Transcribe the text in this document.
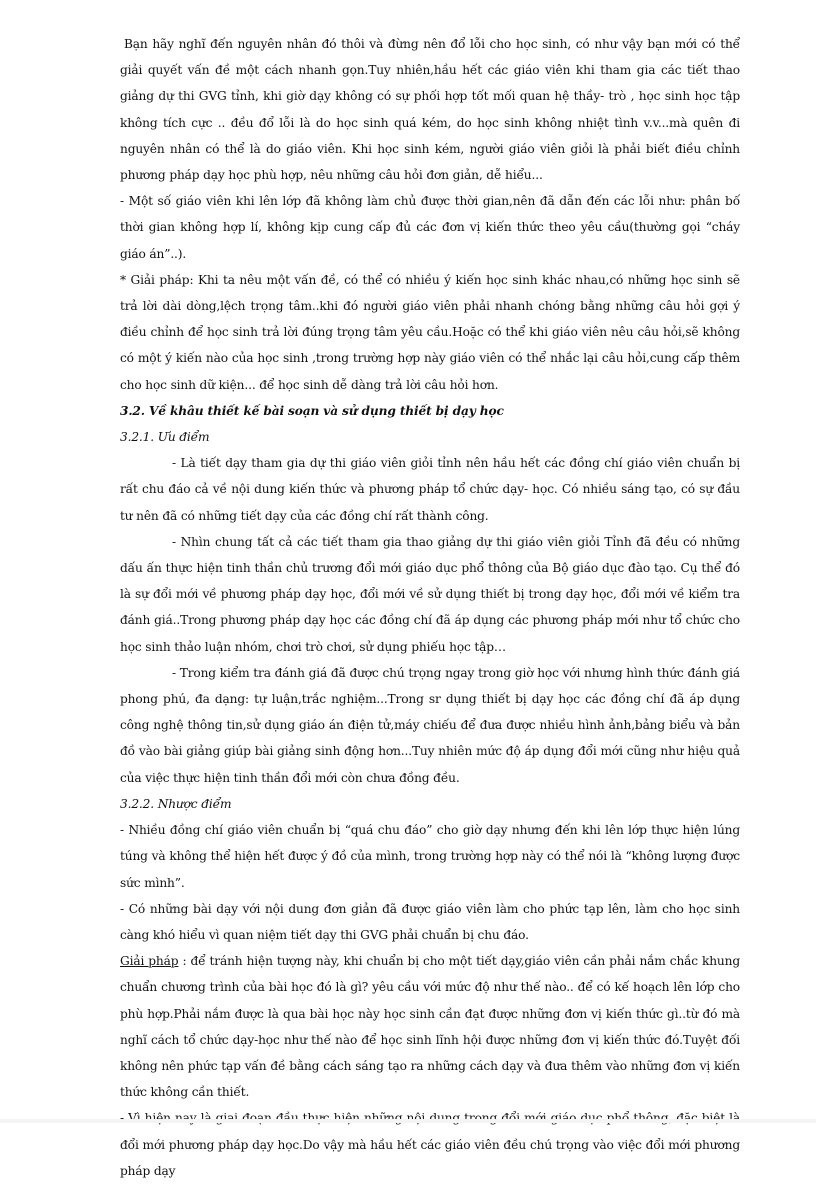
Bạn hãy nghĩ đến nguyên nhân đó thôi và đừng nên đổ lỗi cho học sinh, có như vậy bạn mới có thể giải quyết vấn đề một cách nhanh gọn.Tuy nhiên,hầu hết các giáo viên khi tham gia các tiết thao giảng dự thi GVG tỉnh, khi giờ dạy không có sự phối hợp tốt mối quan hệ thầy- trò , học sinh học tập không tích cực .. đều đổ lỗi là do học sinh quá kém, do học sinh không nhiệt tình v.v...mà quên đi nguyên nhân có thể là do giáo viên. Khi học sinh kém, người giáo viên giỏi là phải biết điều chỉnh phương pháp dạy học phù hợp, nêu những câu hỏi đơn giản, dễ hiểu...

- Một số giáo viên khi lên lớp đã không làm chủ được thời gian,nên đã dẫn đến các lỗi như: phân bố thời gian không hợp lí, không kịp cung cấp đủ các đơn vị kiến thức theo yêu cầu(thường gọi “cháy giáo án”..).

* Giải pháp: Khi ta nêu một vấn đề, có thể có nhiều ý kiến học sinh khác nhau,có những học sinh sẽ trả lời dài dòng,lệch trọng tâm..khi đó người giáo viên phải nhanh chóng bằng những câu hỏi gợi ý điều chỉnh để học sinh trả lời đúng trọng tâm yêu cầu.Hoặc có thể khi giáo viên nêu câu hỏi,sẽ không có một ý kiến nào của học sinh ,trong trường hợp này giáo viên có thể nhắc lại câu hỏi,cung cấp thêm cho học sinh dữ kiện... để học sinh dễ dàng trả lời câu hỏi hơn.

3.2. Về khâu thiết kế bài soạn và sử dụng thiết bị dạy học

3.2.1. Ưu điểm

- Là tiết dạy tham gia dự thi giáo viên giỏi tỉnh nên hầu hết các đồng chí giáo viên chuẩn bị rất chu đáo cả về nội dung kiến thức và phương pháp tổ chức dạy- học. Có nhiều sáng tạo, có sự đầu tư nên đã có những tiết dạy của các đồng chí rất thành công.

- Nhìn chung tất cả các tiết tham gia thao giảng dự thi giáo viên giỏi Tỉnh đã đều có những dấu ấn thực hiện tinh thần chủ trương đổi mới giáo dục phổ thông của Bộ giáo dục đào tạo. Cụ thể đó là sự đổi mới về phương pháp dạy học, đổi mới về sử dụng thiết bị trong dạy học, đổi mới về kiểm tra đánh giá..Trong phương pháp dạy học các đồng chí đã áp dụng các phương pháp mới như tổ chức cho học sinh thảo luận nhóm, chơi trò chơi, sử dụng phiếu học tập…

- Trong kiểm tra đánh giá đã được chú trọng ngay trong giờ học với nhưng hình thức đánh giá phong phú, đa dạng: tự luận,trắc nghiệm...Trong sr dụng thiết bị dạy học các đồng chí đã áp dụng công nghệ thông tin,sử dụng giáo án điện tử,máy chiếu để đưa được nhiều hình ảnh,bảng biểu và bản đồ vào bài giảng giúp bài giảng sinh động hơn...Tuy nhiên mức độ áp dụng đổi mới cũng như hiệu quả của việc thực hiện tinh thần đổi mới còn chưa đồng đều.

3.2.2. Nhược điểm

- Nhiều đồng chí giáo viên chuẩn bị “quá chu đáo” cho giờ dạy nhưng đến khi lên lớp thực hiện lúng túng và không thể hiện hết được ý đồ của mình, trong trường hợp này có thể nói là “không lượng được sức mình”.

- Có những bài dạy với nội dung đơn giản đã được giáo viên làm cho phức tạp lên, làm cho học sinh càng khó hiểu vì quan niệm tiết dạy thi GVG phải chuẩn bị chu đáo.

Giải pháp : để tránh hiện tượng này, khi chuẩn bị cho một tiết dạy,giáo viên cần phải nắm chắc khung chuẩn chương trình của bài học đó là gì? yêu cầu với mức độ như thế nào.. để có kế hoạch lên lớp cho phù hợp.Phải nắm được là qua bài học này học sinh cần đạt được những đơn vị kiến thức gì..từ đó mà nghĩ cách tổ chức dạy-học như thế nào để học sinh lĩnh hội được những đơn vị kiến thức đó.Tuyệt đối không nên phức tạp vấn đề bằng cách sáng tạo ra những cách dạy và đưa thêm vào những đơn vị kiến thức không cần thiết.

đổi mới phương pháp dạy học.Do vậy mà hầu hết các giáo viên đều chú trọng vào việc đổi mới phương pháp dạy
